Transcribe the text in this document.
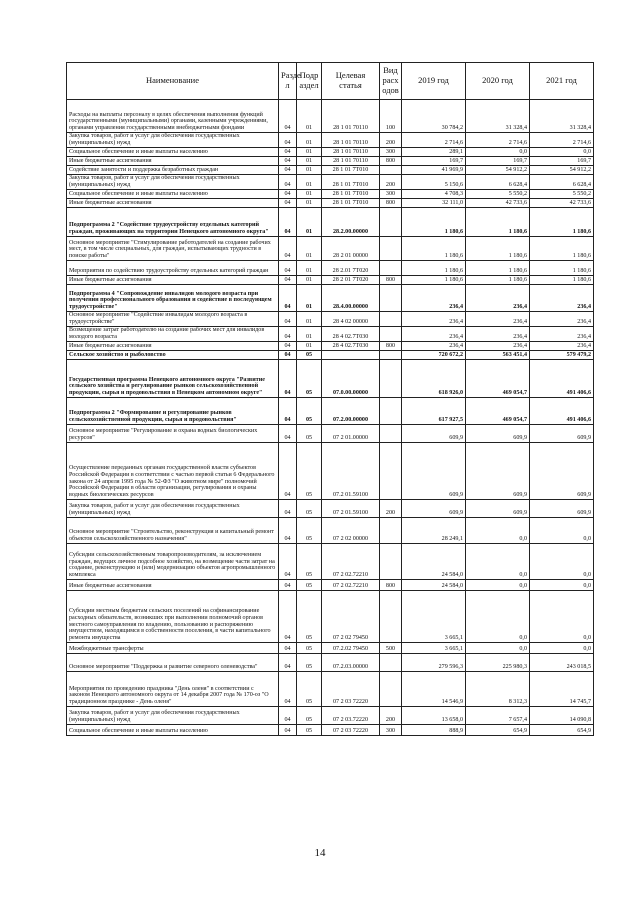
Наименование	Разде л	Подр аздел	Целевая статья	Вид расх одов	2019 год	2020 год	2021 год
Расходы на выплаты персоналу в целях обеспечения выполнения функций государственными (муниципальными) органами, казенными учреждениями, органами управления государственными внебюджетными фондами	04	01	28 1 01 70110	100	30 784,2	31 328,4	31 328,4
Закупка товаров, работ и услуг для обеспечения государственных (муниципальных) нужд	04	01	28 1 01 70110	200	2 714,6	2 714,6	2 714,6
Социальное обеспечение и иные выплаты населению	04	01	28 1 01 70110	300	289,1	0,0	0,0
Иные бюджетные ассигнования	04	01	28 1 01 70110	800	169,7	169,7	169,7
Содействие занятости и поддержка безработных граждан	04	01	28 1 01 7Т010		41 969,9	54 912,2	54 912,2
Закупка товаров, работ и услуг для обеспечения государственных (муниципальных) нужд	04	01	28 1 01 7Т010	200	5 150,6	6 628,4	6 628,4
Социальное обеспечение и иные выплаты населению	04	01	28 1 01 7Т010	300	4 708,3	5 550,2	5 550,2
Иные бюджетные ассигнования	04	01	28 1 01 7Т010	800	32 111,0	42 733,6	42 733,6
Подпрограмма 2 "Содействие трудоустройству отдельных категорий граждан, проживающих на территории Ненецкого автономного округа"	04	01	28.2.00.00000		1 180,6	1 180,6	1 180,6
Основное мероприятие "Стимулирование работодателей на создание рабочих мест, в том числе специальных, для граждан, испытывающих трудности в поиске работы"	04	01	28 2 01 00000		1 180,6	1 180,6	1 180,6
Мероприятия по содействию трудоустройству отдельных категорий граждан	04	01	28 2.01 7Т020		1 180,6	1 180,6	1 180,6
Иные бюджетные ассигнования	04	01	28 2 01 7Т020	800	1 180,6	1 180,6	1 180,6
Подпрограмма 4 "Сопровождение инвалидов молодого возраста при получении профессионального образования и содействие в последующем трудоустройстве"	04	01	28.4.00.00000		236,4	236,4	236,4
Основное мероприятие "Содействие инвалидам молодого возраста в трудоустройстве"	04	01	28 4 02 00000		236,4	236,4	236,4
Возмещение затрат работодателю на создание рабочих мест для инвалидов молодого возраста	04	01	28 4 02.7Т030		236,4	236,4	236,4
Иные бюджетные ассигнования	04	01	28 4 02.7Т030	800	236,4	236,4	236,4
Сельское хозяйство и рыболовство	04	05			720 672,2	563 451,4	579 479,2
Государственная программа Ненецкого автономного округа "Развитие сельского хозяйства и регулирование рынков сельскохозяйственной продукции, сырья и продовольствия в Ненецком автономном округе"	04	05	07.0.00.00000		618 926,0	469 054,7	491 406,6
Подпрограмма 2 "Формирование и регулирование рынков сельскохозяйственной продукции, сырья и продовольствия"	04	05	07.2.00.00000		617 927,5	469 054,7	491 406,6
Основное мероприятие "Регулирование и охрана водных биологических ресурсов"	04	05	07 2 01.00000		609,9	609,9	609,9
Осуществление переданных органам государственной власти субъектов Российской Федерации в соответствии с частью первой статьи 6 Федерального закона от 24 апреля 1995 года № 52-ФЗ "О животном мире" полномочий Российской Федерации в области организации, регулирования и охраны водных биологических ресурсов	04	05	07.2 01.59100		609,9	609,9	609,9
Закупка товаров, работ и услуг для обеспечения государственных (муниципальных) нужд	04	05	07 2 01.59100	200	609,9	609,9	609,9
Основное мероприятие "Строительство, реконструкция и капитальный ремонт объектов сельскохозяйственного назначения"	04	05	07 2 02 00000		28 249,1	0,0	0,0
Субсидии сельскохозяйственным товаропроизводителям, за исключением граждан, ведущих личное подсобное хозяйство, на возмещение части затрат на создание, реконструкцию и (или) модернизацию объектов агропромышленного комплекса	04	05	07 2 02.72210		24 584,0	0,0	0,0
Иные бюджетные ассигнования	04	05	07 2 02.72210	800	24 584,0	0,0	0,0
Субсидии местным бюджетам сельских поселений на софинансирование расходных обязательств, возникших при выполнении полномочий органов местного самоуправления по владению, пользованию и распоряжению имуществом, находящимся в собственности поселения, в части капитального ремонта имущества	04	05	07 2 02 79450		3 665,1	0,0	0,0
Межбюджетные трансферты	04	05	07.2.02 79450	500	3 665,1	0,0	0,0
Основное мероприятие "Поддержка и развитие северного оленеводства"	04	05	07.2.03.00000		279 596,3	225 980,3	243 018,5
Мероприятия по проведению праздника "День оленя" в соответствии с законом Ненецкого автономного округа от 14 декабря 2007 года № 170-оз "О традиционном празднике - День оленя"	04	05	07 2 03 72220		14 546,9	8 312,3	14 745,7
Закупка товаров, работ и услуг для обеспечения государственных (муниципальных) нужд	04	05	07 2 03.72220	200	13 658,0	7 657,4	14 090,8
Социальное обеспечение и иные выплаты населению	04	05	07 2 03 72220	300	888,9	654,9	654,9
14
